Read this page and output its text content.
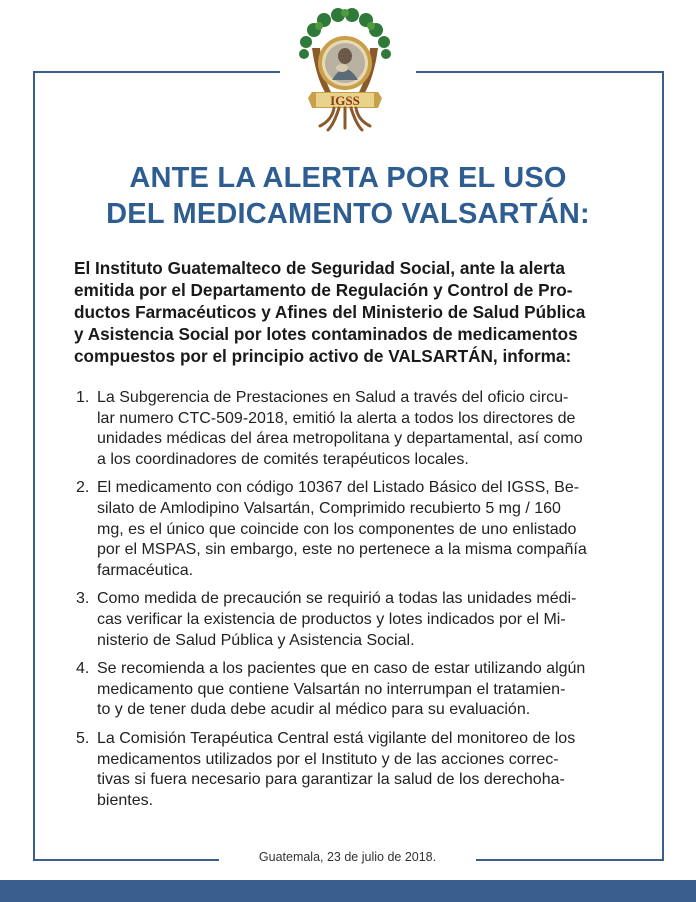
IGSS
ANTE LA ALERTA POR EL USO
DEL MEDICAMENTO VALSARTÁN:
El Instituto Guatemalteco de Seguridad Social, ante la alerta
emitida por el Departamento de Regulación y Control de Pro-
ductos Farmacéuticos y Afines del Ministerio de Salud Pública
y Asistencia Social por lotes contaminados de medicamentos
compuestos por el principio activo de VALSARTÁN, informa:
1. La Subgerencia de Prestaciones en Salud a través del oficio circu-
lar numero CTC-509-2018, emitió la alerta a todos los directores de
unidades médicas del área metropolitana y departamental, así como
a los coordinadores de comités terapéuticos locales.
2. El medicamento con código 10367 del Listado Básico del IGSS, Be-
silato de Amlodipino Valsartán, Comprimido recubierto 5 mg / 160
mg, es el único que coincide con los componentes de uno enlistado
por el MSPAS, sin embargo, este no pertenece a la misma compañía
farmacéutica.
3. Como medida de precaución se requirió a todas las unidades médi-
cas verificar la existencia de productos y lotes indicados por el Mi-
nisterio de Salud Pública y Asistencia Social.
4. Se recomienda a los pacientes que en caso de estar utilizando algún
medicamento que contiene Valsartán no interrumpan el tratamien-
to y de tener duda debe acudir al médico para su evaluación.
5. La Comisión Terapéutica Central está vigilante del monitoreo de los
medicamentos utilizados por el Instituto y de las acciones correc-
tivas si fuera necesario para garantizar la salud de los derechoha-
bientes.
Guatemala, 23 de julio de 2018.
